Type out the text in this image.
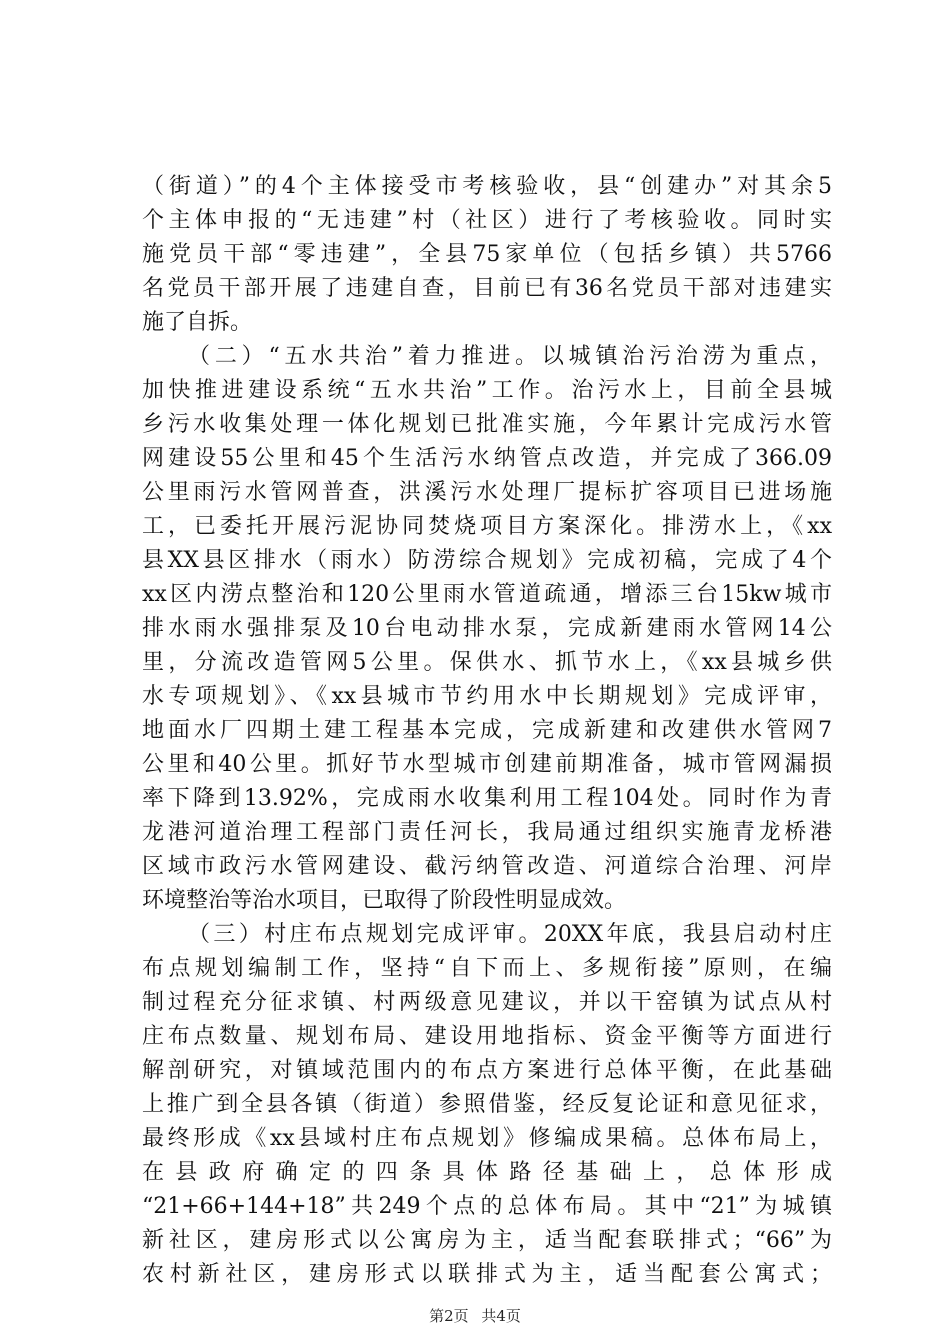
（街道）”的4个主体接受市考核验收，县“创建办”对其余5
个主体申报的“无违建”村（社区）进行了考核验收。同时实
施党员干部“零违建”，全县75家单位（包括乡镇）共5766
名党员干部开展了违建自查，目前已有36名党员干部对违建实
施了自拆。
（二）“五水共治”着力推进。以城镇治污治涝为重点，
加快推进建设系统“五水共治”工作。治污水上，目前全县城
乡污水收集处理一体化规划已批准实施，今年累计完成污水管
网建设55公里和45个生活污水纳管点改造，并完成了366.09
公里雨污水管网普查，洪溪污水处理厂提标扩容项目已进场施
工，已委托开展污泥协同焚烧项目方案深化。排涝水上，《xx
县XX县区排水（雨水）防涝综合规划》完成初稿，完成了4个
xx区内涝点整治和120公里雨水管道疏通，增添三台15kw城市
排水雨水强排泵及10台电动排水泵，完成新建雨水管网14公
里，分流改造管网5公里。保供水、抓节水上，《xx县城乡供
水专项规划》、《xx县城市节约用水中长期规划》完成评审，
地面水厂四期土建工程基本完成，完成新建和改建供水管网7
公里和40公里。抓好节水型城市创建前期准备，城市管网漏损
率下降到13.92%，完成雨水收集利用工程104处。同时作为青
龙港河道治理工程部门责任河长，我局通过组织实施青龙桥港
区域市政污水管网建设、截污纳管改造、河道综合治理、河岸
环境整治等治水项目，已取得了阶段性明显成效。
（三）村庄布点规划完成评审。20XX年底，我县启动村庄
布点规划编制工作，坚持“自下而上、多规衔接”原则，在编
制过程充分征求镇、村两级意见建议，并以干窑镇为试点从村
庄布点数量、规划布局、建设用地指标、资金平衡等方面进行
解剖研究，对镇域范围内的布点方案进行总体平衡，在此基础
上推广到全县各镇（街道）参照借鉴，经反复论证和意见征求，
最终形成《xx县域村庄布点规划》修编成果稿。总体布局上，
在县政府确定的四条具体路径基础上，总体形成
“21+66+144+18”共249个点的总体布局。其中“21”为城镇
新社区，建房形式以公寓房为主，适当配套联排式；“66”为
农村新社区，建房形式以联排式为主，适当配套公寓式；
第2页 共4页
